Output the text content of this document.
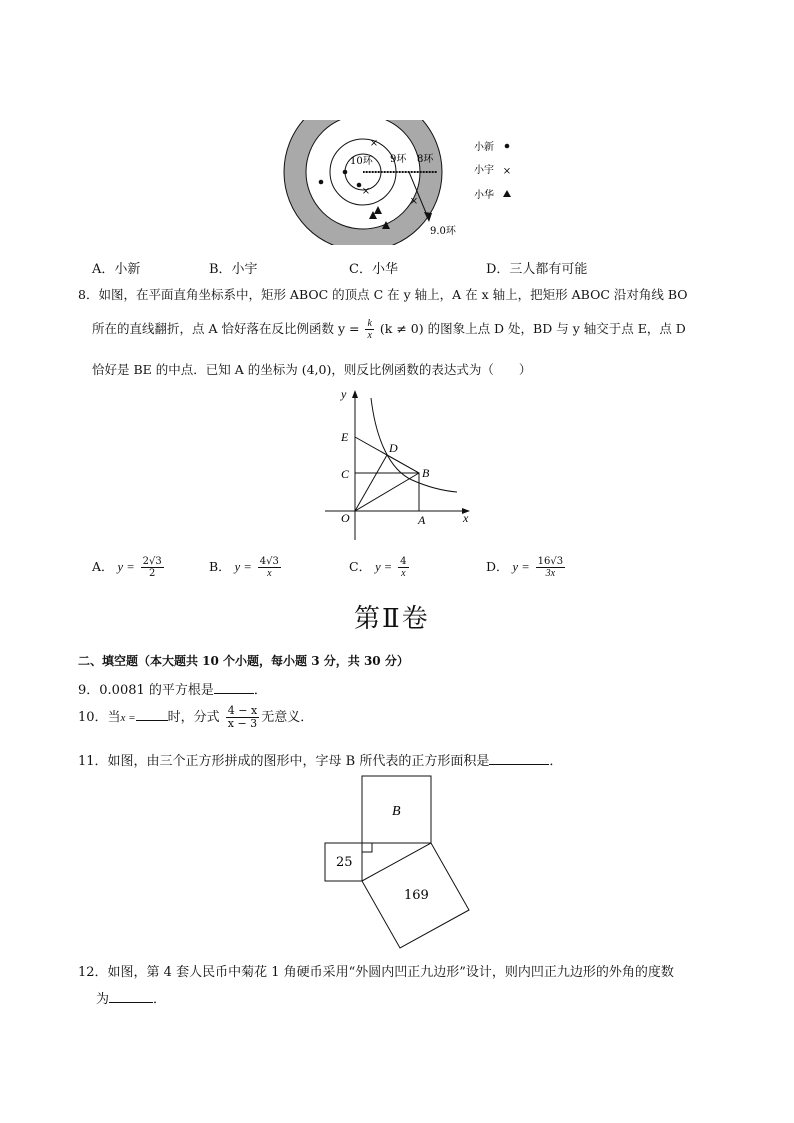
10环 9环 8环
9.0环
×
×
×
小新
小宇 ×
小华
A．小新	B．小宇	C．小华	D．三人都有可能
8．如图，在平面直角坐标系中，矩形 ABOC 的顶点 C 在 y 轴上，A 在 x 轴上，把矩形 ABOC 沿对角线 BO
所在的直线翻折，点 A 恰好落在反比例函数 $y = \frac{k}{x} (k \ne 0)$ 的图象上点 D 处，BD 与 y 轴交于点 E，点 D
恰好是 BE 的中点．已知 A 的坐标为 (4,0)，则反比例函数的表达式为（　　）
y
x
E
D
C	B
O	A
A． $y = \frac{2√3}{2}$	B． $y = \frac{4√3}{x}$	C． $y = \frac{4}{x}$	D． $y = \frac{16√3}{3x}$
第Ⅱ卷
二、填空题（本大题共 10 个小题，每小题 3 分，共 30 分）
9．0.0081 的平方根是	．
10．当x = 时，分式 $\frac{4 - x}{x - 3}$ 无意义．
11．如图，由三个正方形拼成的图形中，字母 B 所代表的正方形面积是	．
B
25
169
12．如图，第 4 套人民币中菊花 1 角硬币采用“外圆内凹正九边形”设计，则内凹正九边形的外角的度数
为	．
